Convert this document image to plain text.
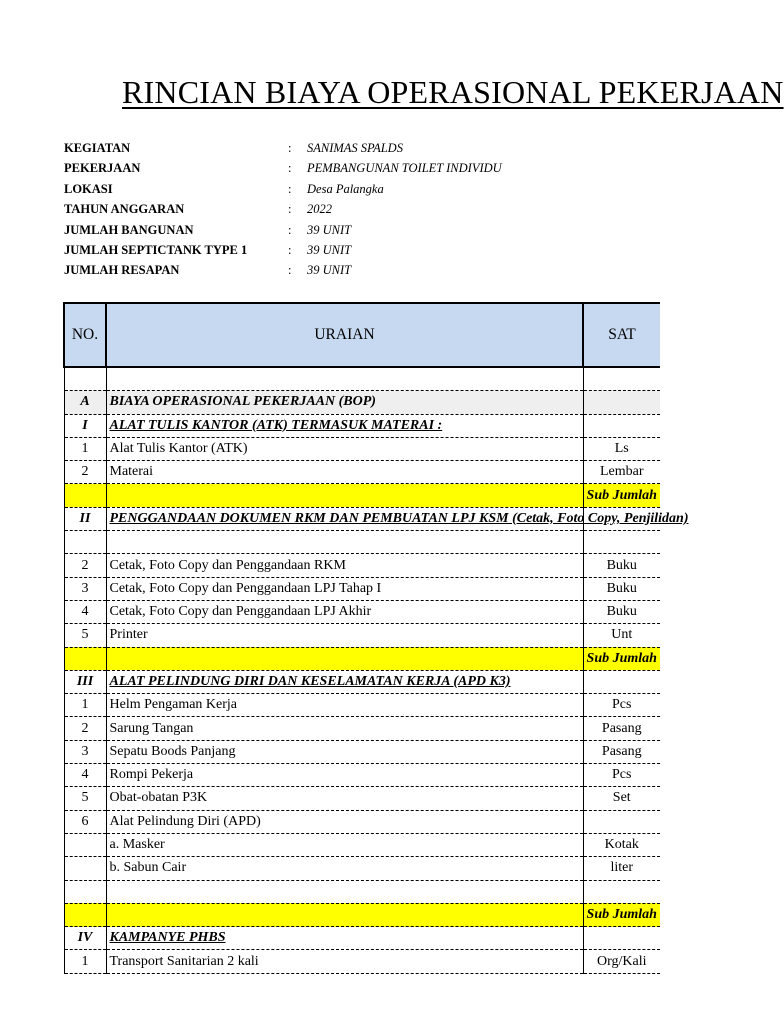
RINCIAN BIAYA OPERASIONAL PEKERJAAN
KEGIATAN	: SANIMAS SPALDS
PEKERJAAN	: PEMBANGUNAN TOILET INDIVIDU
LOKASI	: Desa Palangka
TAHUN ANGGARAN	: 2022
JUMLAH BANGUNAN	: 39 UNIT
JUMLAH SEPTICTANK TYPE 1	: 39 UNIT
JUMLAH RESAPAN	: 39 UNIT
NO.	URAIAN	SAT

A	BIAYA OPERASIONAL PEKERJAAN (BOP)	
I	ALAT TULIS KANTOR (ATK) TERMASUK MATERAI :	
1	Alat Tulis Kantor (ATK)	Ls
2	Materai	Lembar
		Sub Jumlah
II	PENGGANDAAN DOKUMEN RKM DAN PEMBUATAN LPJ KSM (Cetak, Foto Copy, Penjilidan)	

2	Cetak, Foto Copy dan Penggandaan RKM	Buku
3	Cetak, Foto Copy dan Penggandaan LPJ Tahap I	Buku
4	Cetak, Foto Copy dan Penggandaan LPJ Akhir	Buku
5	Printer	Unt
		Sub Jumlah
III	ALAT PELINDUNG DIRI DAN KESELAMATAN KERJA (APD K3)	
1	Helm Pengaman Kerja	Pcs
2	Sarung Tangan	Pasang
3	Sepatu Boods Panjang	Pasang
4	Rompi Pekerja	Pcs
5	Obat-obatan P3K	Set
6	Alat Pelindung Diri (APD)	
	a. Masker	Kotak
	b. Sabun Cair	liter

		Sub Jumlah
IV	KAMPANYE PHBS	
1	Transport Sanitarian 2 kali	Org/Kali
